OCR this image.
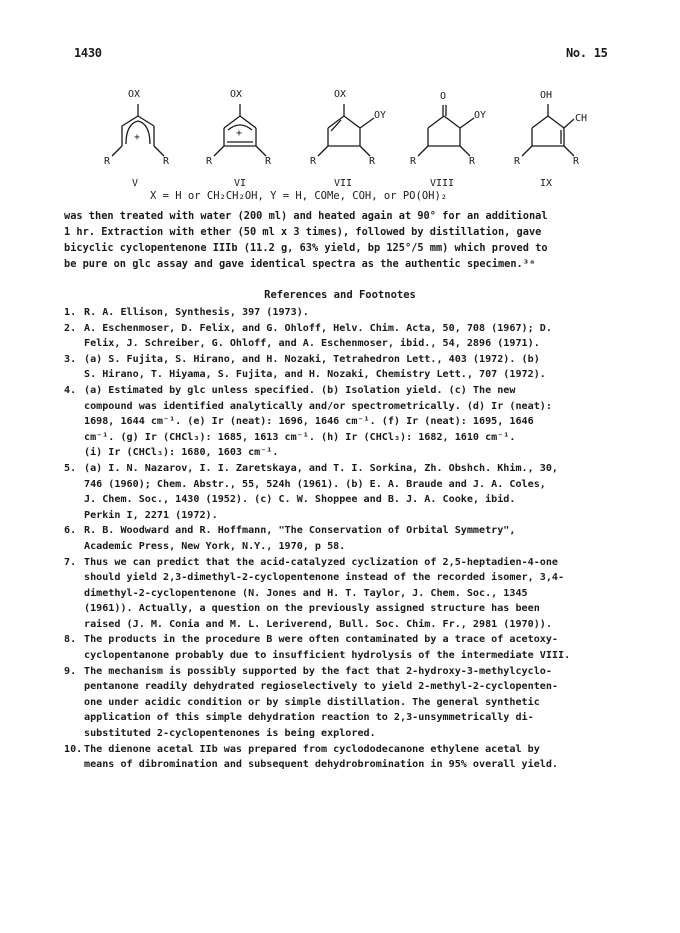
1430	No. 15
OX
+
R	R
V
OX
+
R	R
VI
OX
OY
R	R
VII
O
OY
R	R
VIII
OH
CH
R	R
IX
X = H or CH₂CH₂OH, Y = H, COMe, COH, or PO(OH)₂
was then treated with water (200 ml) and heated again at 90° for an additional
1 hr. Extraction with ether (50 ml x 3 times), followed by distillation, gave
bicyclic cyclopentenone IIIb (11.2 g, 63% yield, bp 125°/5 mm) which proved to
be pure on glc assay and gave identical spectra as the authentic specimen.³ᵃ
References and Footnotes
1. R. A. Ellison, Synthesis, 397 (1973).
2. A. Eschenmoser, D. Felix, and G. Ohloff, Helv. Chim. Acta, 50, 708 (1967); D.
Felix, J. Schreiber, G. Ohloff, and A. Eschenmoser, ibid., 54, 2896 (1971).
3. (a) S. Fujita, S. Hirano, and H. Nozaki, Tetrahedron Lett., 403 (1972). (b)
S. Hirano, T. Hiyama, S. Fujita, and H. Nozaki, Chemistry Lett., 707 (1972).
4. (a) Estimated by glc unless specified. (b) Isolation yield. (c) The new
compound was identified analytically and/or spectrometrically. (d) Ir (neat):
1698, 1644 cm⁻¹. (e) Ir (neat): 1696, 1646 cm⁻¹. (f) Ir (neat): 1695, 1646
cm⁻¹. (g) Ir (CHCl₃): 1685, 1613 cm⁻¹. (h) Ir (CHCl₃): 1682, 1610 cm⁻¹.
(i) Ir (CHCl₃): 1680, 1603 cm⁻¹.
5. (a) I. N. Nazarov, I. I. Zaretskaya, and T. I. Sorkina, Zh. Obshch. Khim., 30,
746 (1960); Chem. Abstr., 55, 524h (1961). (b) E. A. Braude and J. A. Coles,
J. Chem. Soc., 1430 (1952). (c) C. W. Shoppee and B. J. A. Cooke, ibid.
Perkin I, 2271 (1972).
6. R. B. Woodward and R. Hoffmann, "The Conservation of Orbital Symmetry",
Academic Press, New York, N.Y., 1970, p 58.
7. Thus we can predict that the acid-catalyzed cyclization of 2,5-heptadien-4-one
should yield 2,3-dimethyl-2-cyclopentenone instead of the recorded isomer, 3,4-
dimethyl-2-cyclopentenone (N. Jones and H. T. Taylor, J. Chem. Soc., 1345
(1961)). Actually, a question on the previously assigned structure has been
raised (J. M. Conia and M. L. Leriverend, Bull. Soc. Chim. Fr., 2981 (1970)).
8. The products in the procedure B were often contaminated by a trace of acetoxy-
cyclopentanone probably due to insufficient hydrolysis of the intermediate VIII.
9. The mechanism is possibly supported by the fact that 2-hydroxy-3-methylcyclo-
pentanone readily dehydrated regioselectively to yield 2-methyl-2-cyclopenten-
one under acidic condition or by simple distillation. The general synthetic
application of this simple dehydration reaction to 2,3-unsymmetrically di-
substituted 2-cyclopentenones is being explored.
10. The dienone acetal IIb was prepared from cyclododecanone ethylene acetal by
means of dibromination and subsequent dehydrobromination in 95% overall yield.
